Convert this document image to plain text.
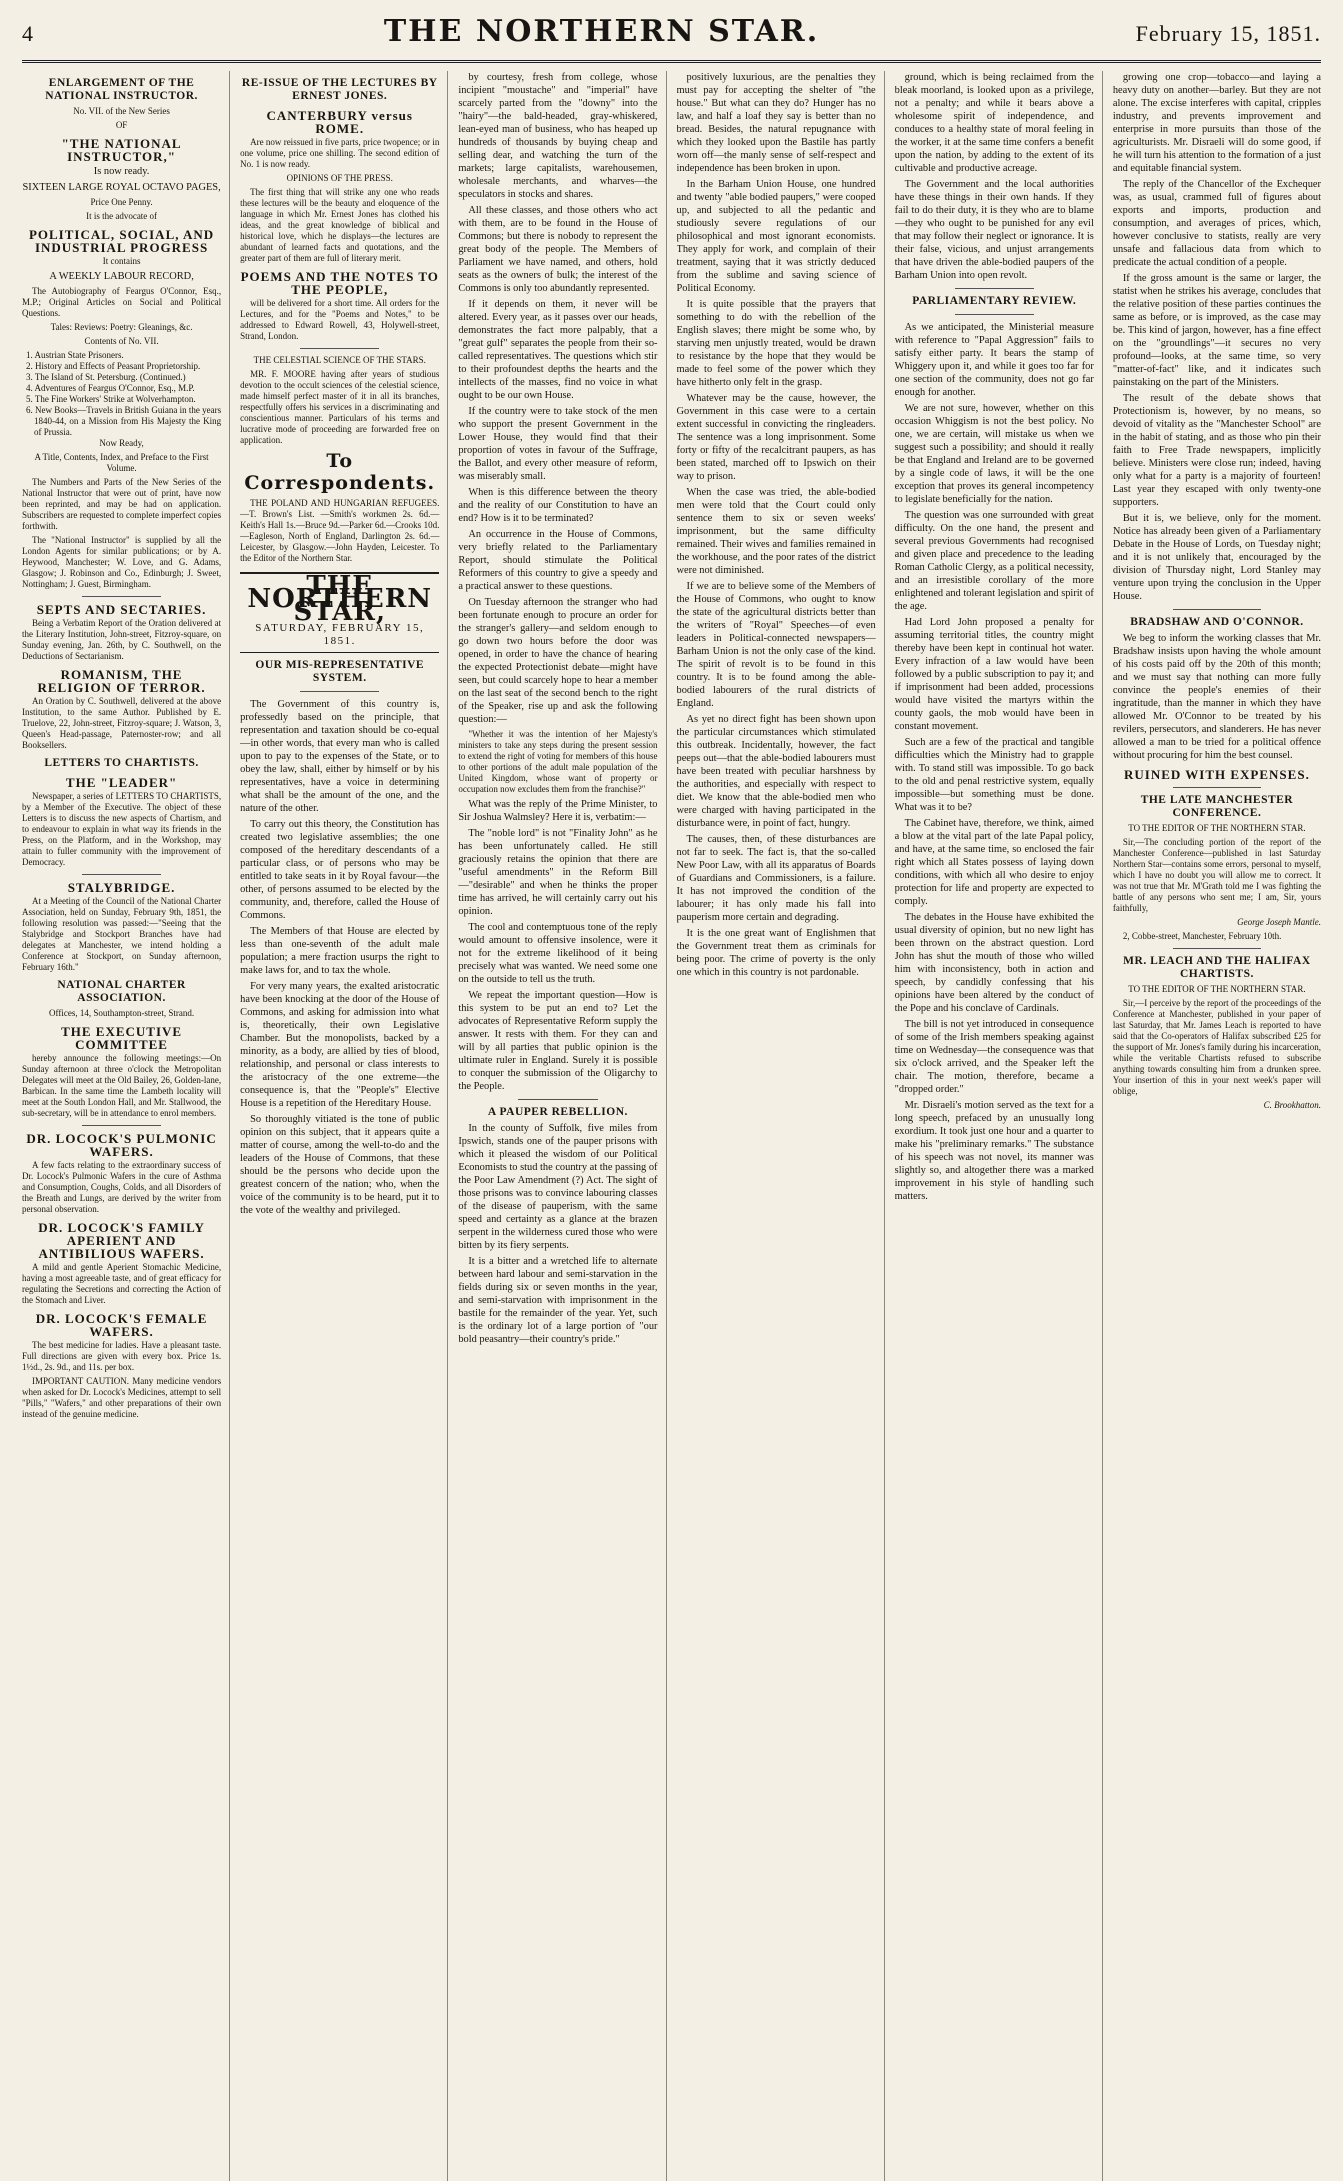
4	THE NORTHERN STAR.	February 15, 1851.
ENLARGEMENT OF THE NATIONAL INSTRUCTOR.

No. VII. of the New Series

OF

"THE NATIONAL INSTRUCTOR,"

Is now ready.

SIXTEEN LARGE ROYAL OCTAVO PAGES,

Price One Penny.

It is the advocate of

POLITICAL, SOCIAL, AND INDUSTRIAL PROGRESS

It contains

A WEEKLY LABOUR RECORD,

The Autobiography of Feargus O'Connor, Esq., M.P.; Original Articles on Social and Political Questions.

Tales: Reviews: Poetry: Gleanings, &c.

Contents of No. VII.

1. Austrian State Prisoners.
2. History and Effects of Peasant Proprietorship.
3. The Island of St. Petersburg. (Continued.)
4. Adventures of Feargus O'Connor, Esq., M.P.
5. The Fine Workers' Strike at Wolverhampton.
6. New Books—Travels in British Guiana in the years 1840-44, on a Mission from His Majesty the King of Prussia.

Now Ready,

A Title, Contents, Index, and Preface to the First Volume.

The Numbers and Parts of the New Series of the National Instructor that were out of print, have now been reprinted, and may be had on application. Subscribers are requested to complete imperfect copies forthwith.

The "National Instructor" is supplied by all the London Agents for similar publications; or by A. Heywood, Manchester; W. Love, and G. Adams, Glasgow; J. Robinson and Co., Edinburgh; J. Sweet, Nottingham; J. Guest, Birmingham.

SEPTS AND SECTARIES.

Being a Verbatim Report of the Oration delivered at the Literary Institution, John-street, Fitzroy-square, on Sunday evening, Jan. 26th, by C. Southwell, on the Deductions of Sectarianism.

ROMANISM, THE RELIGION OF TERROR.

An Oration by C. Southwell, delivered at the above Institution, to the same Author. Published by E. Truelove, 22, John-street, Fitzroy-square; J. Watson, 3, Queen's Head-passage, Paternoster-row; and all Booksellers.

LETTERS TO CHARTISTS.
THE "LEADER"

Newspaper, a series of LETTERS TO CHARTISTS, by a Member of the Executive. The object of these Letters is to discuss the new aspects of Chartism, and to endeavour to explain in what way its friends in the Press, on the Platform, and in the Workshop, may attain to fuller community with the improvement of Democracy.

STALYBRIDGE.

At a Meeting of the Council of the National Charter Association, held on Sunday, February 9th, 1851, the following resolution was passed:—"Seeing that the Stalybridge and Stockport Branches have had delegates at Manchester, we intend holding a Conference at Stockport, on Sunday afternoon, February 16th."

NATIONAL CHARTER ASSOCIATION.

Offices, 14, Southampton-street, Strand.

THE EXECUTIVE COMMITTEE

hereby announce the following meetings:—On Sunday afternoon at three o'clock the Metropolitan Delegates will meet at the Old Bailey, 26, Golden-lane, Barbican. In the same time the Lambeth locality will meet at the South London Hall, and Mr. Stallwood, the sub-secretary, will be in attendance to enrol members.

DR. LOCOCK'S PULMONIC WAFERS.

A few facts relating to the extraordinary success of Dr. Locock's Pulmonic Wafers in the cure of Asthma and Consumption, Coughs, Colds, and all Disorders of the Breath and Lungs, are derived by the writer from personal observation.

DR. LOCOCK'S FAMILY APERIENT AND ANTIBILIOUS WAFERS.

A mild and gentle Aperient Stomachic Medicine, having a most agreeable taste, and of great efficacy for regulating the Secretions and correcting the Action of the Stomach and Liver.

DR. LOCOCK'S FEMALE WAFERS.

The best medicine for ladies. Have a pleasant taste. Full directions are given with every box. Price 1s. 1½d., 2s. 9d., and 11s. per box.

IMPORTANT CAUTION. Many medicine vendors when asked for Dr. Locock's Medicines, attempt to sell "Pills," "Wafers," and other preparations of their own instead of the genuine medicine.

RE-ISSUE OF THE LECTURES BY ERNEST JONES.
CANTERBURY versus ROME.

Are now reissued in five parts, price twopence; or in one volume, price one shilling. The second edition of No. 1 is now ready.

OPINIONS OF THE PRESS.

The first thing that will strike any one who reads these lectures will be the beauty and eloquence of the language in which Mr. Ernest Jones has clothed his ideas, and the great knowledge of biblical and historical love, which he displays—the lectures are abundant of learned facts and quotations, and the greater part of them are full of literary merit.

POEMS AND THE NOTES TO THE PEOPLE,

will be delivered for a short time. All orders for the Lectures, and for the "Poems and Notes," to be addressed to Edward Rowell, 43, Holywell-street, Strand, London.

THE CELESTIAL SCIENCE OF THE STARS.

MR. F. MOORE having after years of studious devotion to the occult sciences of the celestial science, made himself perfect master of it in all its branches, respectfully offers his services in a discriminating and conscientious manner. Particulars of his terms and lucrative mode of proceeding are forwarded free on application.

To Correspondents.

THE POLAND AND HUNGARIAN REFUGEES.—T. Brown's List. —Smith's workmen 2s. 6d.—Keith's Hall 1s.—Bruce 9d.—Parker 6d.—Crooks 10d.—Eagleson, North of England, Darlington 2s. 6d.—Leicester, by Glasgow.—John Hayden, Leicester. To the Editor of the Northern Star.

THE NORTHERN STAR,
SATURDAY, FEBRUARY 15, 1851.
OUR MIS-REPRESENTATIVE SYSTEM.

The Government of this country is, professedly based on the principle, that representation and taxation should be co-equal—in other words, that every man who is called upon to pay to the expenses of the State, or to obey the law, shall, either by himself or by his representatives, have a voice in determining what shall be the amount of the one, and the nature of the other.

To carry out this theory, the Constitution has created two legislative assemblies; the one composed of the hereditary descendants of a particular class, or of persons who may be entitled to take seats in it by Royal favour—the other, of persons assumed to be elected by the community, and, therefore, called the House of Commons.

The Members of that House are elected by less than one-seventh of the adult male population; a mere fraction usurps the right to make laws for, and to tax the whole.

For very many years, the exalted aristocratic have been knocking at the door of the House of Commons, and asking for admission into what is, theoretically, their own Legislative Chamber. But the monopolists, backed by a minority, as a body, are allied by ties of blood, relationship, and personal or class interests to the aristocracy of the one extreme—the consequence is, that the "People's" Elective House is a repetition of the Hereditary House.

So thoroughly vitiated is the tone of public opinion on this subject, that it appears quite a matter of course, among the well-to-do and the leaders of the House of Commons, that these should be the persons who decide upon the greatest concern of the nation; who, when the voice of the community is to be heard, put it to the vote of the wealthy and privileged.

by courtesy, fresh from college, whose incipient "moustache" and "imperial" have scarcely parted from the "downy" into the "hairy"—the bald-headed, gray-whiskered, lean-eyed man of business, who has heaped up hundreds of thousands by buying cheap and selling dear, and watching the turn of the markets; large capitalists, warehousemen, wholesale merchants, and wharves—the speculators in stocks and shares.

All these classes, and those others who act with them, are to be found in the House of Commons; but there is nobody to represent the great body of the people. The Members of Parliament we have named, and others, hold seats as the owners of bulk; the interest of the Commons is only too abundantly represented.

If it depends on them, it never will be altered. Every year, as it passes over our heads, demonstrates the fact more palpably, that a "great gulf" separates the people from their so-called representatives. The questions which stir to their profoundest depths the hearts and the intellects of the masses, find no voice in what ought to be our own House.

If the country were to take stock of the men who support the present Government in the Lower House, they would find that their proportion of votes in favour of the Suffrage, the Ballot, and every other measure of reform, was miserably small.

When is this difference between the theory and the reality of our Constitution to have an end? How is it to be terminated?

An occurrence in the House of Commons, very briefly related to the Parliamentary Report, should stimulate the Political Reformers of this country to give a speedy and a practical answer to these questions.

On Tuesday afternoon the stranger who had been fortunate enough to procure an order for the stranger's gallery—and seldom enough to go down two hours before the door was opened, in order to have the chance of hearing the expected Protectionist debate—might have seen, but could scarcely hope to hear a member on the last seat of the second bench to the right of the Speaker, rise up and ask the following question:—

"Whether it was the intention of her Majesty's ministers to take any steps during the present session to extend the right of voting for members of this house to other portions of the adult male population of the United Kingdom, whose want of property or occupation now excludes them from the franchise?"

What was the reply of the Prime Minister, to Sir Joshua Walmsley? Here it is, verbatim:—

The "noble lord" is not "Finality John" as he has been unfortunately called. He still graciously retains the opinion that there are "useful amendments" in the Reform Bill—"desirable" and when he thinks the proper time has arrived, he will certainly carry out his opinion.

The cool and contemptuous tone of the reply would amount to offensive insolence, were it not for the extreme likelihood of it being precisely what was wanted. We need some one on the outside to tell us the truth.

We repeat the important question—How is this system to be put an end to? Let the advocates of Representative Reform supply the answer. It rests with them. For they can and will by all parties that public opinion is the ultimate ruler in England. Surely it is possible to conquer the submission of the Oligarchy to the People.

A PAUPER REBELLION.

In the county of Suffolk, five miles from Ipswich, stands one of the pauper prisons with which it pleased the wisdom of our Political Economists to stud the country at the passing of the Poor Law Amendment (?) Act. The sight of those prisons was to convince labouring classes of the disease of pauperism, with the same speed and certainty as a glance at the brazen serpent in the wilderness cured those who were bitten by its fiery serpents.

It is a bitter and a wretched life to alternate between hard labour and semi-starvation in the fields during six or seven months in the year, and semi-starvation with imprisonment in the bastile for the remainder of the year. Yet, such is the ordinary lot of a large portion of "our bold peasantry—their country's pride."

positively luxurious, are the penalties they must pay for accepting the shelter of "the house." But what can they do? Hunger has no law, and half a loaf they say is better than no bread. Besides, the natural repugnance with which they looked upon the Bastile has partly worn off—the manly sense of self-respect and independence has been broken in upon.

In the Barham Union House, one hundred and twenty "able bodied paupers," were cooped up, and subjected to all the pedantic and studiously severe regulations of our philosophical and most ignorant economists. They apply for work, and complain of their treatment, saying that it was strictly deduced from the sublime and saving science of Political Economy.

It is quite possible that the prayers that something to do with the rebellion of the English slaves; there might be some who, by starving men unjustly treated, would be drawn to resistance by the hope that they would be made to feel some of the power which they have hitherto only felt in the grasp.

Whatever may be the cause, however, the Government in this case were to a certain extent successful in convicting the ringleaders. The sentence was a long imprisonment. Some forty or fifty of the recalcitrant paupers, as has been stated, marched off to Ipswich on their way to prison.

When the case was tried, the able-bodied men were told that the Court could only sentence them to six or seven weeks' imprisonment, but the same difficulty remained. Their wives and families remained in the workhouse, and the poor rates of the district were not diminished.

If we are to believe some of the Members of the House of Commons, who ought to know the state of the agricultural districts better than the writers of "Royal" Speeches—of even leaders in Political-connected newspapers—Barham Union is not the only case of the kind. The spirit of revolt is to be found in this country. It is to be found among the able-bodied labourers of the rural districts of England.

As yet no direct fight has been shown upon the particular circumstances which stimulated this outbreak. Incidentally, however, the fact peeps out—that the able-bodied labourers must have been treated with peculiar harshness by the authorities, and especially with respect to diet. We know that the able-bodied men who were charged with having participated in the disturbance were, in point of fact, hungry.

The causes, then, of these disturbances are not far to seek. The fact is, that the so-called New Poor Law, with all its apparatus of Boards of Guardians and Commissioners, is a failure. It has not improved the condition of the labourer; it has only made his fall into pauperism more certain and degrading.

It is the one great want of Englishmen that the Government treat them as criminals for being poor. The crime of poverty is the only one which in this country is not pardonable.

ground, which is being reclaimed from the bleak moorland, is looked upon as a privilege, not a penalty; and while it bears above a wholesome spirit of independence, and conduces to a healthy state of moral feeling in the worker, it at the same time confers a benefit upon the nation, by adding to the extent of its cultivable and productive acreage.

The Government and the local authorities have these things in their own hands. If they fail to do their duty, it is they who are to blame—they who ought to be punished for any evil that may follow their neglect or ignorance. It is their false, vicious, and unjust arrangements that have driven the able-bodied paupers of the Barham Union into open revolt.

PARLIAMENTARY REVIEW.

As we anticipated, the Ministerial measure with reference to "Papal Aggression" fails to satisfy either party. It bears the stamp of Whiggery upon it, and while it goes too far for one section of the community, does not go far enough for another.

We are not sure, however, whether on this occasion Whiggism is not the best policy. No one, we are certain, will mistake us when we suggest such a possibility; and should it really be that England and Ireland are to be governed by a single code of laws, it will be the one exception that proves its general incompetency to legislate beneficially for the nation.

The question was one surrounded with great difficulty. On the one hand, the present and several previous Governments had recognised and given place and precedence to the leading Roman Catholic Clergy, as a political necessity, and an irresistible corollary of the more enlightened and tolerant legislation and spirit of the age.

Had Lord John proposed a penalty for assuming territorial titles, the country might thereby have been kept in continual hot water. Every infraction of a law would have been followed by a public subscription to pay it; and if imprisonment had been added, processions would have visited the martyrs within the county gaols, the mob would have been in constant movement.

Such are a few of the practical and tangible difficulties which the Ministry had to grapple with. To stand still was impossible. To go back to the old and penal restrictive system, equally impossible—but something must be done. What was it to be?

The Cabinet have, therefore, we think, aimed a blow at the vital part of the late Papal policy, and have, at the same time, so enclosed the fair right which all States possess of laying down conditions, with which all who desire to enjoy protection for life and property are expected to comply.

The debates in the House have exhibited the usual diversity of opinion, but no new light has been thrown on the abstract question. Lord John has shut the mouth of those who willed him with inconsistency, both in action and speech, by candidly confessing that his opinions have been altered by the conduct of the Pope and his conclave of Cardinals.

The bill is not yet introduced in consequence of some of the Irish members speaking against time on Wednesday—the consequence was that six o'clock arrived, and the Speaker left the chair. The motion, therefore, became a "dropped order."

Mr. Disraeli's motion served as the text for a long speech, prefaced by an unusually long exordium. It took just one hour and a quarter to make his "preliminary remarks." The substance of his speech was not novel, its manner was slightly so, and altogether there was a marked improvement in his style of handling such matters.

growing one crop—tobacco—and laying a heavy duty on another—barley. But they are not alone. The excise interferes with capital, cripples industry, and prevents improvement and enterprise in more pursuits than those of the agriculturists. Mr. Disraeli will do some good, if he will turn his attention to the formation of a just and equitable financial system.

The reply of the Chancellor of the Exchequer was, as usual, crammed full of figures about exports and imports, production and consumption, and averages of prices, which, however conclusive to statists, really are very unsafe and fallacious data from which to predicate the actual condition of a people.

If the gross amount is the same or larger, the statist when he strikes his average, concludes that the relative position of these parties continues the same as before, or is improved, as the case may be. This kind of jargon, however, has a fine effect on the "groundlings"—it secures no very profound—looks, at the same time, so very "matter-of-fact" like, and it indicates such painstaking on the part of the Ministers.

The result of the debate shows that Protectionism is, however, by no means, so devoid of vitality as the "Manchester School" are in the habit of stating, and as those who pin their faith to Free Trade newspapers, implicitly believe. Ministers were close run; indeed, having only what for a party is a majority of fourteen! Last year they escaped with only twenty-one supporters.

But it is, we believe, only for the moment. Notice has already been given of a Parliamentary Debate in the House of Lords, on Tuesday night; and it is not unlikely that, encouraged by the division of Thursday night, Lord Stanley may venture upon trying the conclusion in the Upper House.

BRADSHAW AND O'CONNOR.

We beg to inform the working classes that Mr. Bradshaw insists upon having the whole amount of his costs paid off by the 20th of this month; and we must say that nothing can more fully convince the people's enemies of their ingratitude, than the manner in which they have allowed Mr. O'Connor to be treated by his revilers, persecutors, and slanderers. He has never allowed a man to be tried for a political offence without procuring for him the best counsel.

RUINED WITH EXPENSES.
THE LATE MANCHESTER CONFERENCE.

TO THE EDITOR OF THE NORTHERN STAR.

Sir,—The concluding portion of the report of the Manchester Conference—published in last Saturday Northern Star—contains some errors, personal to myself, which I have no doubt you will allow me to correct. It was not true that Mr. M'Grath told me I was fighting the battle of any persons who sent me; I am, Sir, yours faithfully,

George Joseph Mantle.

2, Cobbe-street, Manchester, February 10th.

MR. LEACH AND THE HALIFAX CHARTISTS.

TO THE EDITOR OF THE NORTHERN STAR.

Sir,—I perceive by the report of the proceedings of the Conference at Manchester, published in your paper of last Saturday, that Mr. James Leach is reported to have said that the Co-operators of Halifax subscribed £25 for the support of Mr. Jones's family during his incarceration, while the veritable Chartists refused to subscribe anything towards consulting him from a drunken spree. Your insertion of this in your next week's paper will oblige,

C. Brookhatton.
